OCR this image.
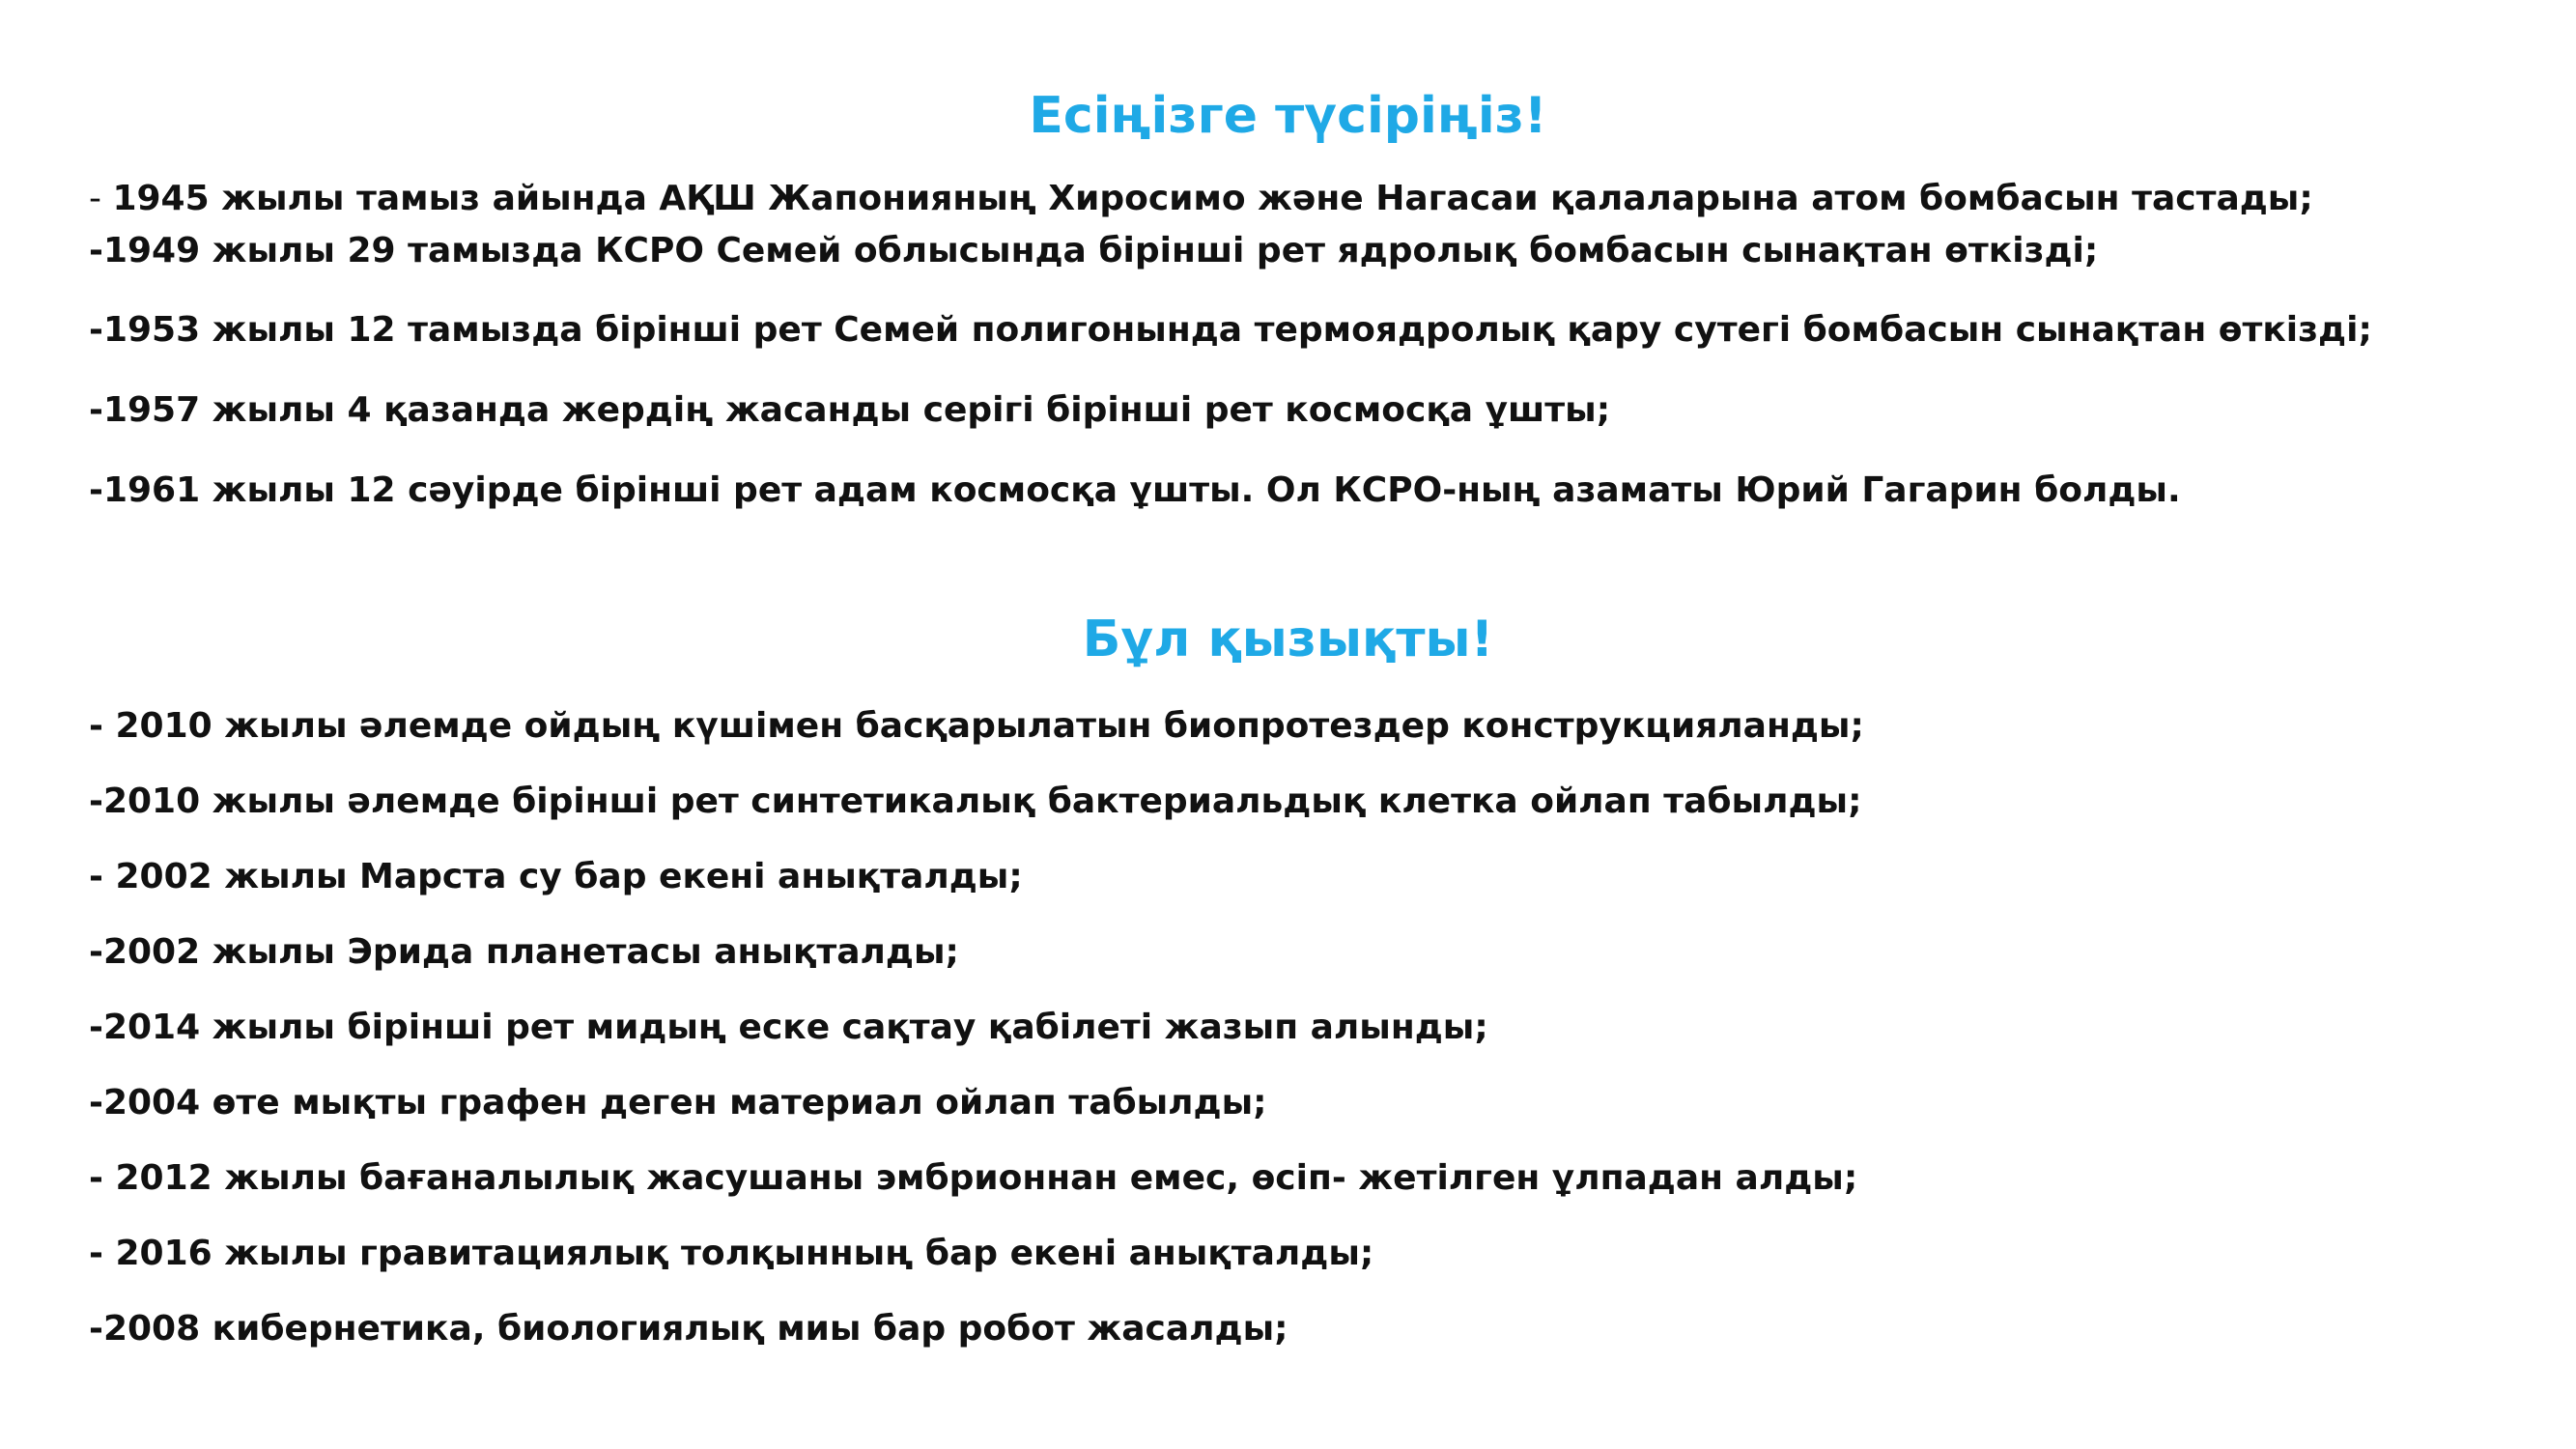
Есіңізге түсіріңіз!
- 1945 жылы тамыз айында АҚШ Жапонияның Хиросимо және Нагасаи қалаларына атом бомбасын тастады;
-1949 жылы 29 тамызда КСРО Семей облысында бірінші рет ядролық бомбасын сынақтан өткізді;
-1953 жылы 12 тамызда бірінші рет Семей полигонында термоядролық қару сутегі бомбасын сынақтан өткізді;
-1957 жылы 4 қазанда жердің жасанды серігі бірінші рет космосқа ұшты;
-1961 жылы 12 сәуірде бірінші рет адам космосқа ұшты. Ол КСРО-ның азаматы Юрий Гагарин болды.
Бұл қызықты!
- 2010 жылы әлемде ойдың күшімен басқарылатын биопротездер конструкцияланды;
-2010 жылы әлемде бірінші рет синтетикалық бактериальдық клетка ойлап табылды;
- 2002 жылы Марста су бар екені анықталды;
-2002 жылы Эрида планетасы анықталды;
-2014 жылы бірінші рет мидың еске сақтау қабілеті жазып алынды;
-2004 өте мықты графен деген материал ойлап табылды;
- 2012 жылы бағаналылық жасушаны эмбрионнан емес, өсіп- жетілген ұлпадан алды;
- 2016 жылы гравитациялық толқынның бар екені анықталды;
-2008 кибернетика, биологиялық миы бар робот жасалды;
